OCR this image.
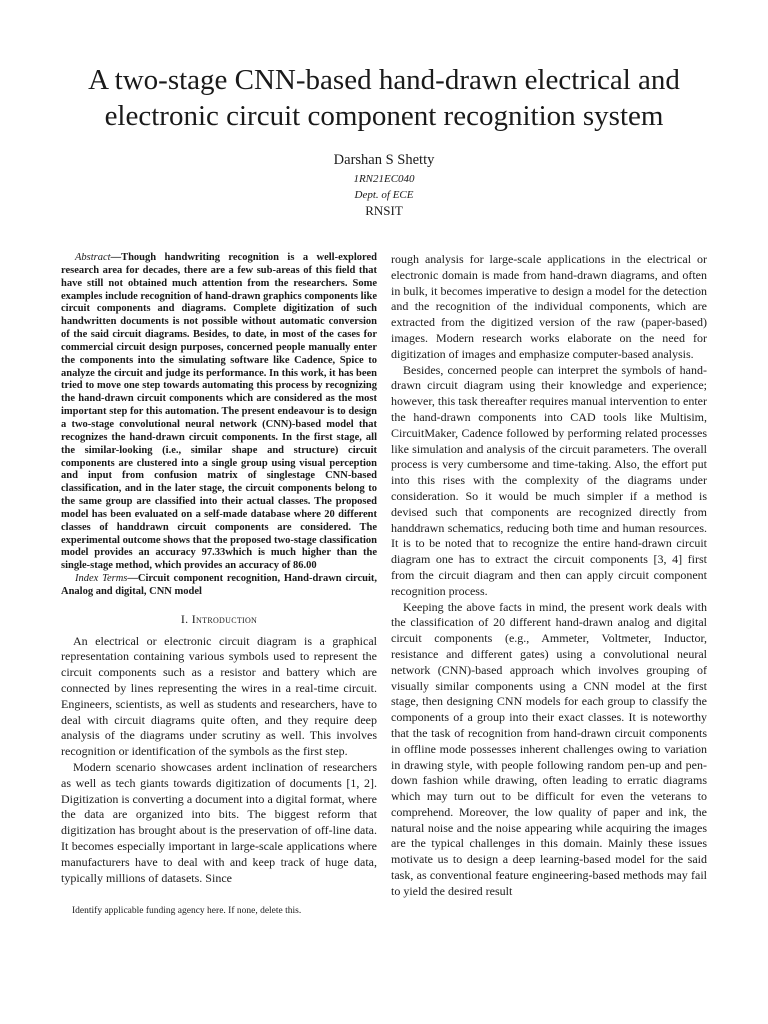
A two-stage CNN-based hand-drawn electrical and electronic circuit component recognition system
Darshan S Shetty
1RN21EC040
Dept. of ECE
RNSIT

Abstract—Though handwriting recognition is a well-explored research area for decades, there are a few sub-areas of this field that have still not obtained much attention from the researchers. Some examples include recognition of hand-drawn graphics components like circuit components and diagrams. Complete digitization of such handwritten documents is not possible without automatic conversion of the said circuit diagrams. Besides, to date, in most of the cases for commercial circuit design purposes, concerned people manually enter the components into the simulating software like Cadence, Spice to analyze the circuit and judge its performance. In this work, it has been tried to move one step towards automating this process by recognizing the hand-drawn circuit components which are considered as the most important step for this automation. The present endeavour is to design a two-stage convolutional neural network (CNN)-based model that recognizes the hand-drawn circuit components. In the first stage, all the similar-looking (i.e., similar shape and structure) circuit components are clustered into a single group using visual perception and input from confusion matrix of singlestage CNN-based classification, and in the later stage, the circuit components belong to the same group are classified into their actual classes. The proposed model has been evaluated on a self-made database where 20 different classes of handdrawn circuit components are considered. The experimental outcome shows that the proposed two-stage classification model provides an accuracy 97.33which is much higher than the single-stage method, which provides an accuracy of 86.00

Index Terms—Circuit component recognition, Hand-drawn circuit, Analog and digital, CNN model

I. Introduction

An electrical or electronic circuit diagram is a graphical representation containing various symbols used to represent the circuit components such as a resistor and battery which are connected by lines representing the wires in a real-time circuit. Engineers, scientists, as well as students and researchers, have to deal with circuit diagrams quite often, and they require deep analysis of the diagrams under scrutiny as well. This involves recognition or identification of the symbols as the first step.

Modern scenario showcases ardent inclination of researchers as well as tech giants towards digitization of documents [1, 2]. Digitization is converting a document into a digital format, where the data are organized into bits. The biggest reform that digitization has brought about is the preservation of off-line data. It becomes especially important in large-scale applications where manufacturers have to deal with and keep track of huge data, typically millions of datasets. Since

rough analysis for large-scale applications in the electrical or electronic domain is made from hand-drawn diagrams, and often in bulk, it becomes imperative to design a model for the detection and the recognition of the individual components, which are extracted from the digitized version of the raw (paper-based) images. Modern research works elaborate on the need for digitization of images and emphasize computer-based analysis.

Besides, concerned people can interpret the symbols of hand-drawn circuit diagram using their knowledge and experience; however, this task thereafter requires manual intervention to enter the hand-drawn components into CAD tools like Multisim, CircuitMaker, Cadence followed by performing related processes like simulation and analysis of the circuit parameters. The overall process is very cumbersome and time-taking. Also, the effort put into this rises with the complexity of the diagrams under consideration. So it would be much simpler if a method is devised such that components are recognized directly from handdrawn schematics, reducing both time and human resources. It is to be noted that to recognize the entire hand-drawn circuit diagram one has to extract the circuit components [3, 4] first from the circuit diagram and then can apply circuit component recognition process.

Keeping the above facts in mind, the present work deals with the classification of 20 different hand-drawn analog and digital circuit components (e.g., Ammeter, Voltmeter, Inductor, resistance and different gates) using a convolutional neural network (CNN)-based approach which involves grouping of visually similar components using a CNN model at the first stage, then designing CNN models for each group to classify the components of a group into their exact classes. It is noteworthy that the task of recognition from hand-drawn circuit components in offline mode possesses inherent challenges owing to variation in drawing style, with people following random pen-up and pen-down fashion while drawing, often leading to erratic diagrams which may turn out to be difficult for even the veterans to comprehend. Moreover, the low quality of paper and ink, the natural noise and the noise appearing while acquiring the images are the typical challenges in this domain. Mainly these issues motivate us to design a deep learning-based model for the said task, as conventional feature engineering-based methods may fail to yield the desired result

Identify applicable funding agency here. If none, delete this.
